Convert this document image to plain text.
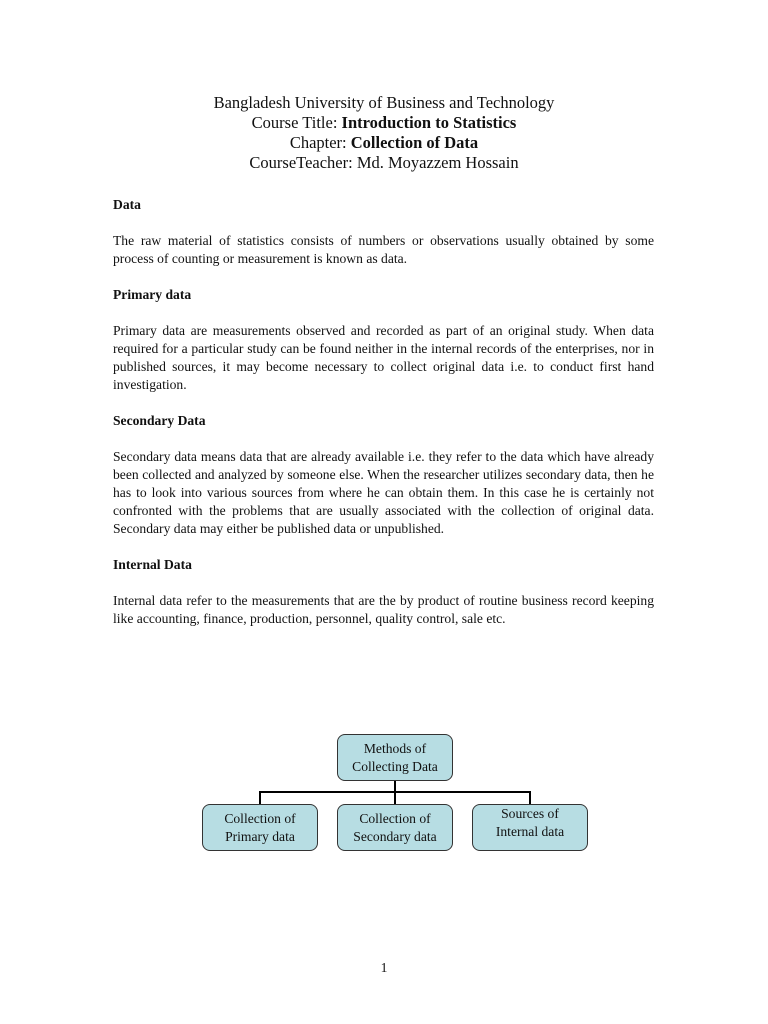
Bangladesh University of Business and Technology
Course Title: Introduction to Statistics
Chapter: Collection of Data
CourseTeacher: Md. Moyazzem Hossain
Data

The raw material of statistics consists of numbers or observations usually obtained by some process of counting or measurement is known as data.

Primary data

Primary data are measurements observed and recorded as part of an original study. When data required for a particular study can be found neither in the internal records of the enterprises, nor in published sources, it may become necessary to collect original data i.e. to conduct first hand investigation.

Secondary Data

Secondary data means data that are already available i.e. they refer to the data which have already been collected and analyzed by someone else. When the researcher utilizes secondary data, then he has to look into various sources from where he can obtain them. In this case he is certainly not confronted with the problems that are usually associated with the collection of original data. Secondary data may either be published data or unpublished.

Internal Data

Internal data refer to the measurements that are the by product of routine business record keeping like accounting, finance, production, personnel, quality control, sale etc.

Methods of
Collecting Data
Collection of
Primary data
Collection of
Secondary data
Sources of
Internal data
1
